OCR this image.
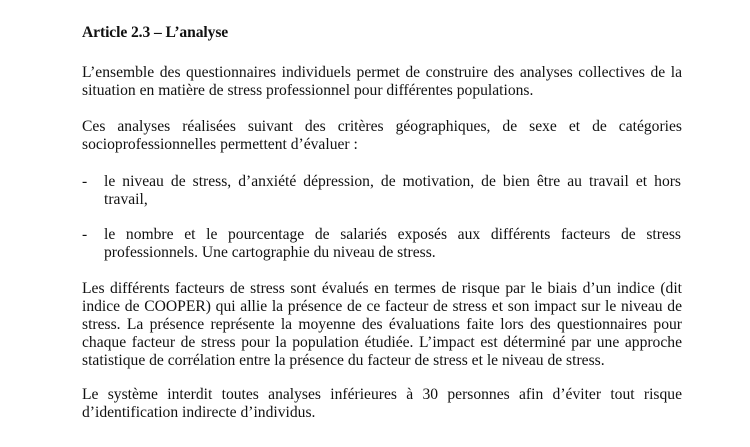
Article 2.3 – L’analyse
L’ensemble des questionnaires individuels permet de construire des analyses collectives de la
situation en matière de stress professionnel pour différentes populations.
Ces analyses réalisées suivant des critères géographiques, de sexe et de catégories
socioprofessionnelles permettent d’évaluer :
- le niveau de stress, d’anxiété dépression, de motivation, de bien être au travail et hors
travail,
- le nombre et le pourcentage de salariés exposés aux différents facteurs de stress
professionnels. Une cartographie du niveau de stress.
Les différents facteurs de stress sont évalués en termes de risque par le biais d’un indice (dit
indice de COOPER) qui allie la présence de ce facteur de stress et son impact sur le niveau de
stress. La présence représente la moyenne des évaluations faite lors des questionnaires pour
chaque facteur de stress pour la population étudiée. L’impact est déterminé par une approche
statistique de corrélation entre la présence du facteur de stress et le niveau de stress.
Le système interdit toutes analyses inférieures à 30 personnes afin d’éviter tout risque
d’identification indirecte d’individus.
